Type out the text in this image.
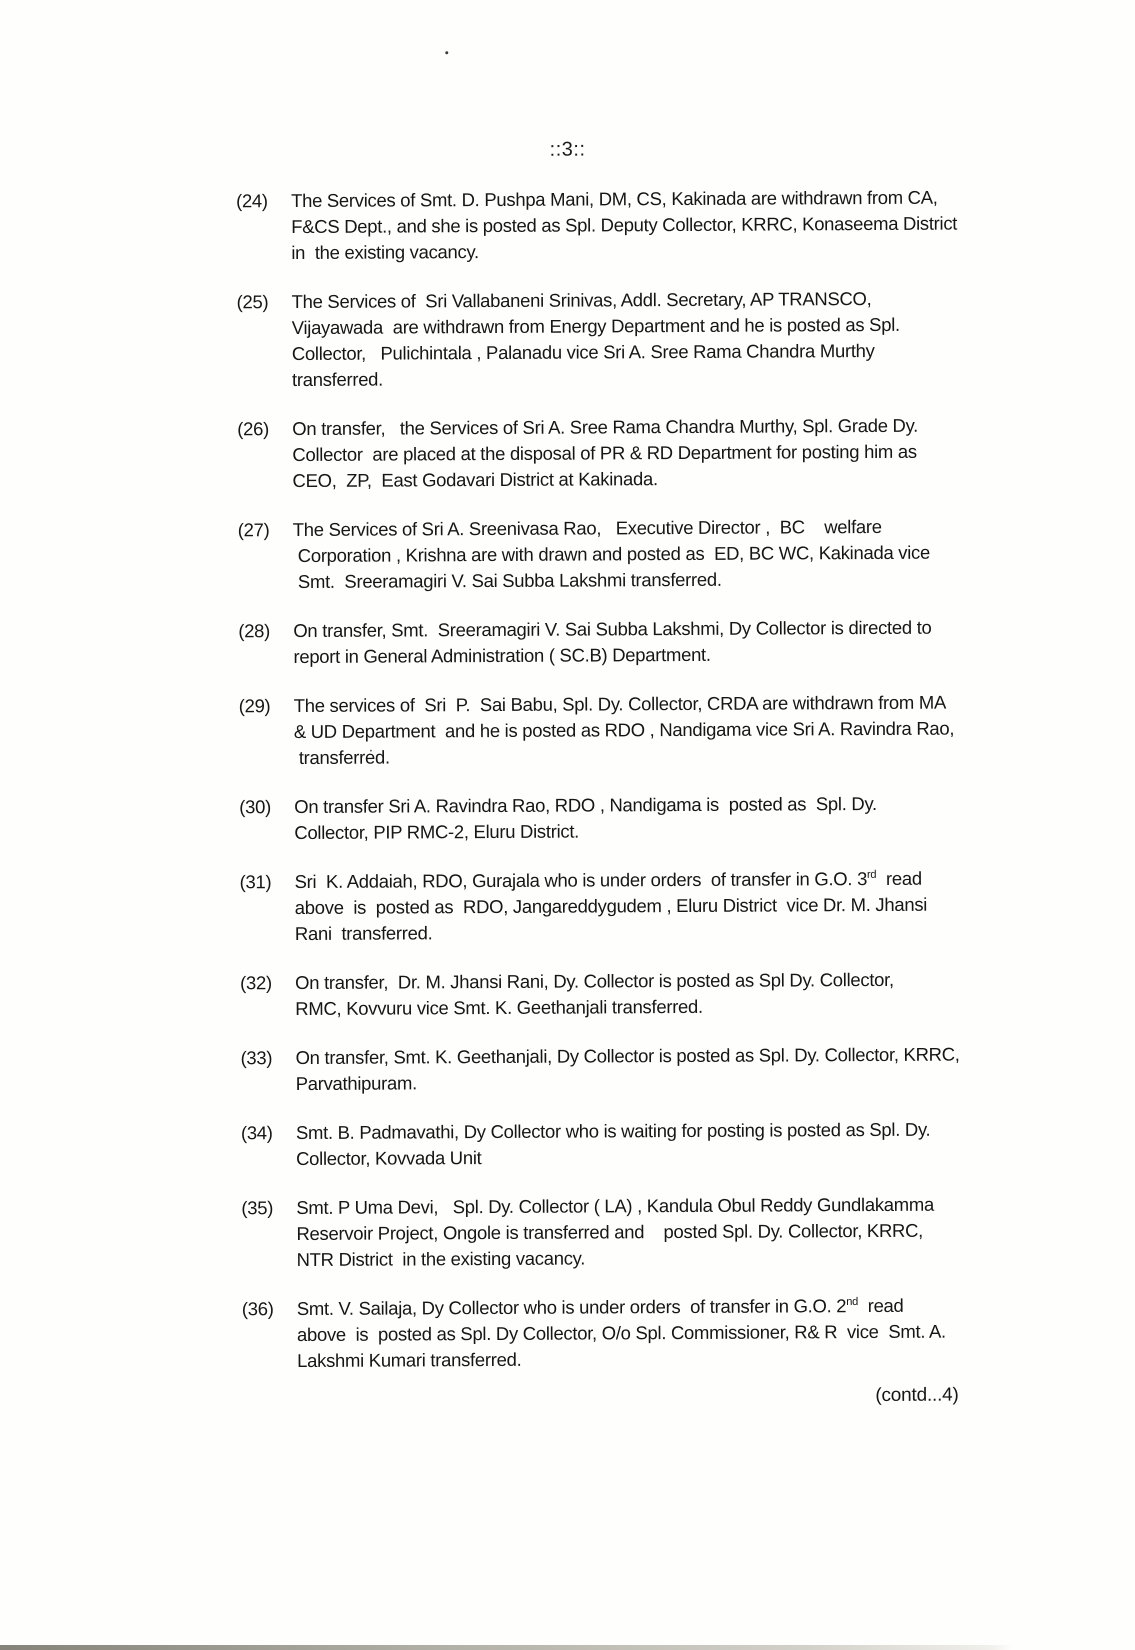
::3::
(24)	The Services of Smt. D. Pushpa Mani, DM, CS, Kakinada are withdrawn from CA,
F&CS Dept., and she is posted as Spl. Deputy Collector, KRRC, Konaseema District
in  the existing vacancy.
(25)	The Services of  Sri Vallabaneni Srinivas, Addl. Secretary, AP TRANSCO,
Vijayawada  are withdrawn from Energy Department and he is posted as Spl.
Collector,   Pulichintala , Palanadu vice Sri A. Sree Rama Chandra Murthy
transferred.
(26)	On transfer,   the Services of Sri A. Sree Rama Chandra Murthy, Spl. Grade Dy.
Collector  are placed at the disposal of PR & RD Department for posting him as
CEO,  ZP,  East Godavari District at Kakinada.
(27)	The Services of Sri A. Sreenivasa Rao,   Executive Director ,  BC    welfare
Corporation , Krishna are with drawn and posted as  ED, BC WC, Kakinada vice
Smt.  Sreeramagiri V. Sai Subba Lakshmi transferred.
(28)	On transfer, Smt.  Sreeramagiri V. Sai Subba Lakshmi, Dy Collector is directed to
report in General Administration ( SC.B) Department.
(29)	The services of  Sri  P.  Sai Babu, Spl. Dy. Collector, CRDA are withdrawn from MA
& UD Department  and he is posted as RDO , Nandigama vice Sri A. Ravindra Rao,
transferred.
(30)	On transfer Sri A. Ravindra Rao, RDO , Nandigama is  posted as  Spl. Dy.
Collector, PIP RMC-2, Eluru District.
(31)	Sri  K. Addaiah, RDO, Gurajala who is under orders  of transfer in G.O. 3rd  read
above  is  posted as  RDO, Jangareddygudem , Eluru District  vice Dr. M. Jhansi
Rani  transferred.
(32)	On transfer,  Dr. M. Jhansi Rani, Dy. Collector is posted as Spl Dy. Collector,
RMC, Kovvuru vice Smt. K. Geethanjali transferred.
(33)	On transfer, Smt. K. Geethanjali, Dy Collector is posted as Spl. Dy. Collector, KRRC,
Parvathipuram.
(34)	Smt. B. Padmavathi, Dy Collector who is waiting for posting is posted as Spl. Dy.
Collector, Kovvada Unit
(35)	Smt. P Uma Devi,   Spl. Dy. Collector ( LA) , Kandula Obul Reddy Gundlakamma
Reservoir Project, Ongole is transferred and    posted Spl. Dy. Collector, KRRC,
NTR District  in the existing vacancy.
(36)	Smt. V. Sailaja, Dy Collector who is under orders  of transfer in G.O. 2nd  read
above  is  posted as Spl. Dy Collector, O/o Spl. Commissioner, R& R  vice  Smt. A.
Lakshmi Kumari transferred.
(contd...4)
